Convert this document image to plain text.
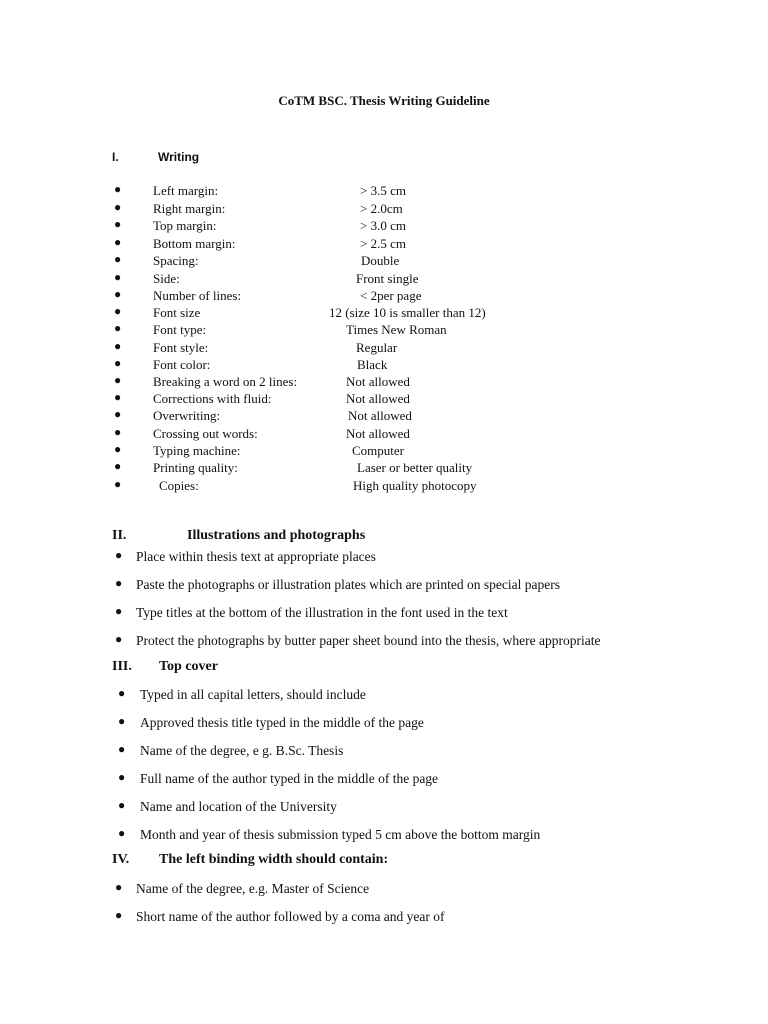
CoTM BSC. Thesis Writing Guideline
I.	Writing
● Left margin:	> 3.5 cm
● Right margin:	> 2.0cm
● Top margin:	> 3.0 cm
● Bottom margin:	> 2.5 cm
● Spacing:	Double
● Side:	Front single
● Number of lines:	< 2per page
● Font size	12 (size 10 is smaller than 12)
● Font type:	Times New Roman
● Font style:	Regular
● Font color:	Black
● Breaking a word on 2 lines:	Not allowed
● Corrections with fluid:	Not allowed
● Overwriting:	Not allowed
● Crossing out words:	Not allowed
● Typing machine:	Computer
● Printing quality:	Laser or better quality
●	Copies:	High quality photocopy
II.	Illustrations and photographs
● Place within thesis text at appropriate places
● Paste the photographs or illustration plates which are printed on special papers
● Type titles at the bottom of the illustration in the font used in the text
● Protect the photographs by butter paper sheet bound into the thesis, where appropriate
III. Top cover
● Typed in all capital letters, should include
● Approved thesis title typed in the middle of the page
● Name of the degree, e g. B.Sc. Thesis
● Full name of the author typed in the middle of the page
● Name and location of the University
● Month and year of thesis submission typed 5 cm above the bottom margin
IV. The left binding width should contain:
● Name of the degree, e.g. Master of Science
● Short name of the author followed by a coma and year of
